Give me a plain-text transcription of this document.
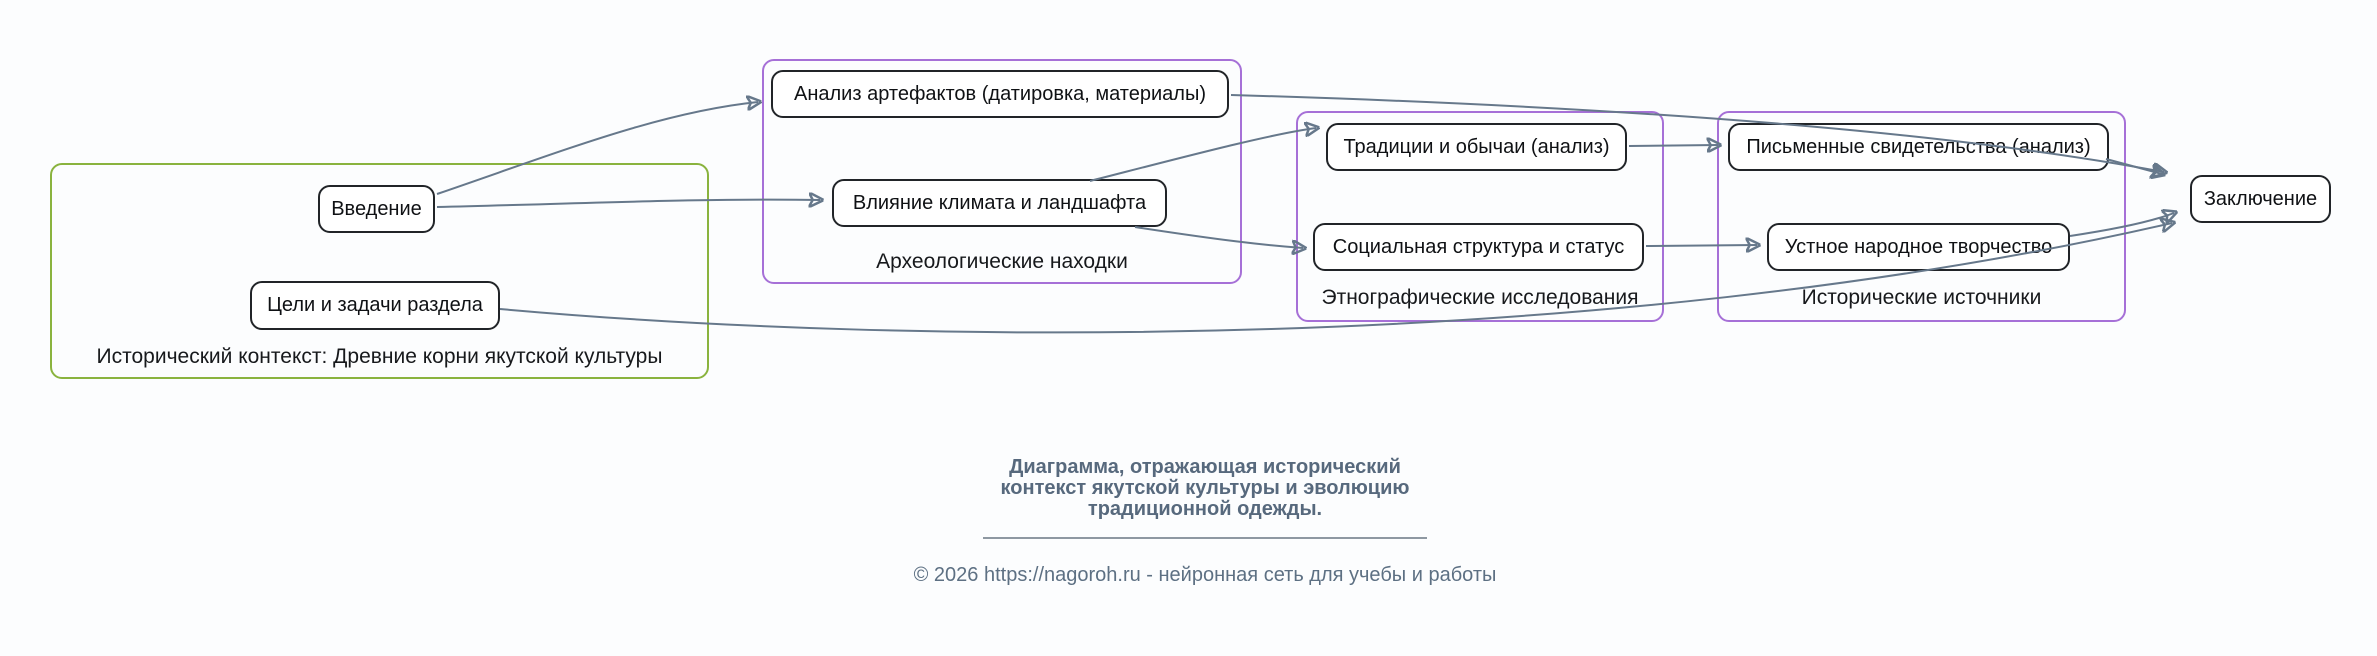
Исторический контекст: Древние корни якутской культуры
Археологические находки
Этнографические исследования	Исторические источники
Введение
Цели и задачи раздела
Анализ артефактов (датировка, материалы)
Влияние климата и ландшафта
Традиции и обычаи (анализ)
Социальная структура и статус
Письменные свидетельства (анализ)
Устное народное творчество
Заключение
Диаграмма, отражающая исторический контекст якутской культуры и эволюцию традиционной одежды.
© 2026 https://nagoroh.ru - нейронная сеть для учебы и работы
